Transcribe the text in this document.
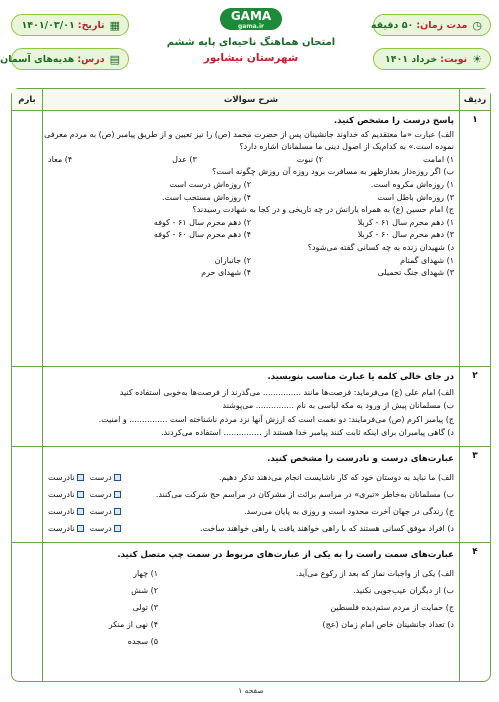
◷
مدت زمان:
۵۰ دقیقه
☀
نوبت:
خرداد ۱۴۰۱
GAMA
gama.ir
امتحان هماهنگ ناحیه‌ای پایه ششم
شهرستان نیشابور
▦
تاریخ:
۱۴۰۱/۰۳/۰۱
▤
درس:
هدیه‌های آسمان
ردیف
شرح سوالات
بارم
۱
پاسخ درست را مشخص کنید.
الف) عبارت «ما معتقدیم که خداوند جانشینان پس از حضرت محمد (ص) را نیز تعیین و از طریق پیامبر (ص) به مردم معرفی
نموده است.» به کدام‌یک از اصول دینی ما مسلمانان اشاره دارد؟
۱) امامت
۲) نبوت
۳) عدل
۴) معاد
ب) اگر روزه‌دار بعدازظهر به مسافرت برود روزه آن روزش چگونه است؟
۱) روزه‌اش مکروه است.
۲) روزه‌اش درست است
۳) روزه‌اش باطل است
۴) روزه‌اش مستحب است.
ج) امام حسین (ع) به همراه یارانش در چه تاریخی و در کجا به شهادت رسیدند؟
۱) دهم محرم سال ۶۱ - کربلا
۲) دهم محرم سال ۶۱ - کوفه
۳) دهم محرم سال ۶۰ - کربلا
۴) دهم محرم سال ۶۰ - کوفه
د) شهیدان زنده به چه کسانی گفته می‌شود؟
۱) شهدای گمنام
۲) جانبازان
۳) شهدای جنگ تحمیلی
۴) شهدای حرم
۲
در جای خالی کلمه یا عبارت مناسب بنویسید.
الف) امام علی (ع) می‌فرماید: فرصت‌ها مانند ............... می‌گذرند از فرصت‌ها به‌خوبی استفاده کنید
ب) مسلمانان پیش از ورود به مکه لباسی به نام ............... می‌پوشند
ج) پیامبر اکرم (ص) می‌فرمایند: دو نعمت است که ارزش آنها نزد مردم ناشناخته است ............... و امنیت.
د) گاهی پیامبران برای اینکه ثابت کنند پیامبر خدا هستند از ............... استفاده می‌کردند.
۳
عبارت‌های درست و نادرست را مشخص کنید.
الف) ما نباید به دوستان خود که کار ناشایست انجام می‌دهند تذکر دهیم.
درست
نادرست
ب) مسلمانان به‌خاطر «تبری» در مراسم برائت از مشرکان در مراسم حج شرکت می‌کنند.
درست
نادرست
ج) زندگی در جهان آخرت محدود است و روزی به پایان می‌رسد.
درست
نادرست
د) افراد موفق کسانی هستند که با راهی خواهند یافت یا راهی خواهند ساخت.
درست
نادرست
۴
عبارت‌های سمت راست را به یکی از عبارت‌های مربوط در سمت چپ متصل کنید.
الف) یکی از واجبات نماز که بعد از رکوع می‌آید.
ب) از دیگران عیب‌جویی نکنید.
ج) حمایت از مردم ستم‌دیده فلسطین
د) تعداد جانشینان خاص امام زمان (عج)
۱) چهار
۲) شش
۳) تولی
۴) نهی از منکر
۵) سجده
صفحه ۱
